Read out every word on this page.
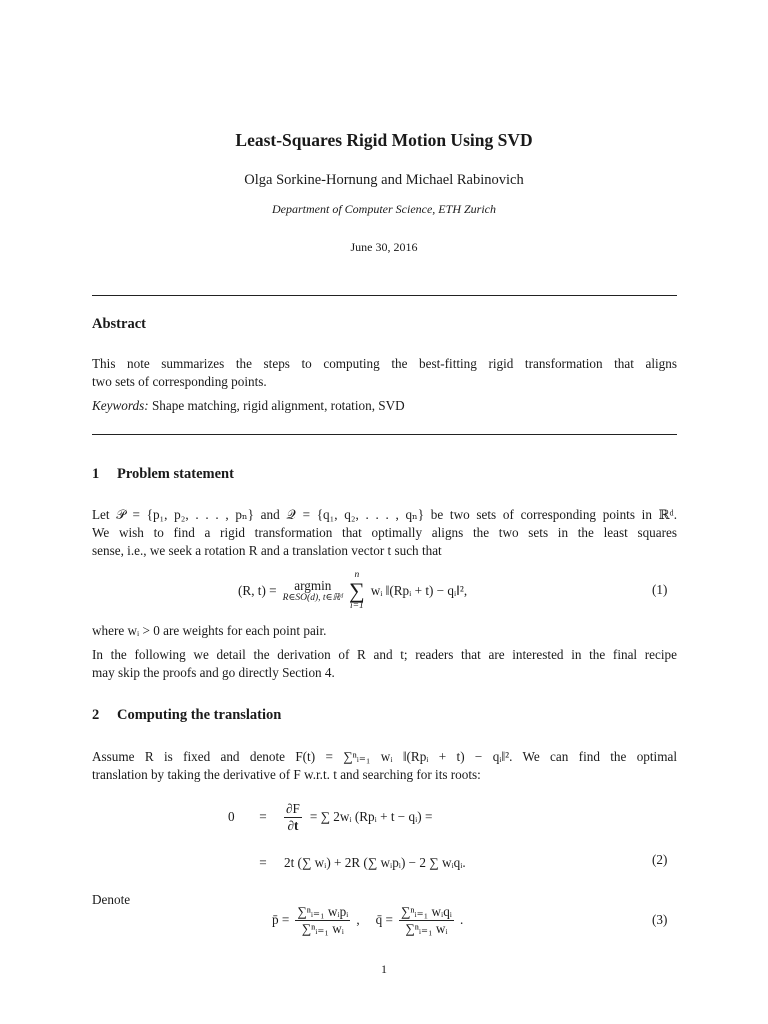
Least-Squares Rigid Motion Using SVD
Olga Sorkine-Hornung and Michael Rabinovich
Department of Computer Science, ETH Zurich
June 30, 2016
Abstract
This note summarizes the steps to computing the best-fitting rigid transformation that aligns
two sets of corresponding points.
Keywords: Shape matching, rigid alignment, rotation, SVD
1 Problem statement
Let 𝒫 = {p₁, p₂, . . . , pₙ} and 𝒬 = {q₁, q₂, . . . , qₙ} be two sets of corresponding points in ℝᵈ.
We wish to find a rigid transformation that optimally aligns the two sets in the least squares
sense, i.e., we seek a rotation R and a translation vector t such that
(R, t) = argmin
R∈SO(d), t∈ℝᵈ
n
∑
i=1
wᵢ ‖(Rpᵢ + t) − qᵢ‖²,	(1)
where wᵢ > 0 are weights for each point pair.
In the following we detail the derivation of R and t; readers that are interested in the final recipe
may skip the proofs and go directly Section 4.
2 Computing the translation
Assume R is fixed and denote F(t) = ∑ⁿᵢ₌₁ wᵢ ‖(Rpᵢ + t) − qᵢ‖². We can find the optimal
translation by taking the derivative of F w.r.t. t and searching for its roots:
0	=	$\frac{\partial F}{\partial t}$ = ∑ 2wᵢ (Rpᵢ + t − qᵢ) =
=	2t (∑ wᵢ) + 2R (∑ wᵢpᵢ) − 2 ∑ wᵢqᵢ.	(2)
Denote
p̄ = $\frac{\text{∑ⁿᵢ₌₁ wᵢpᵢ}}{\text{∑ⁿᵢ₌₁ wᵢ}}$ , q̄ = $\frac{\text{∑ⁿᵢ₌₁ wᵢqᵢ}}{\text{∑ⁿᵢ₌₁ wᵢ}}$ .	(3)
1
